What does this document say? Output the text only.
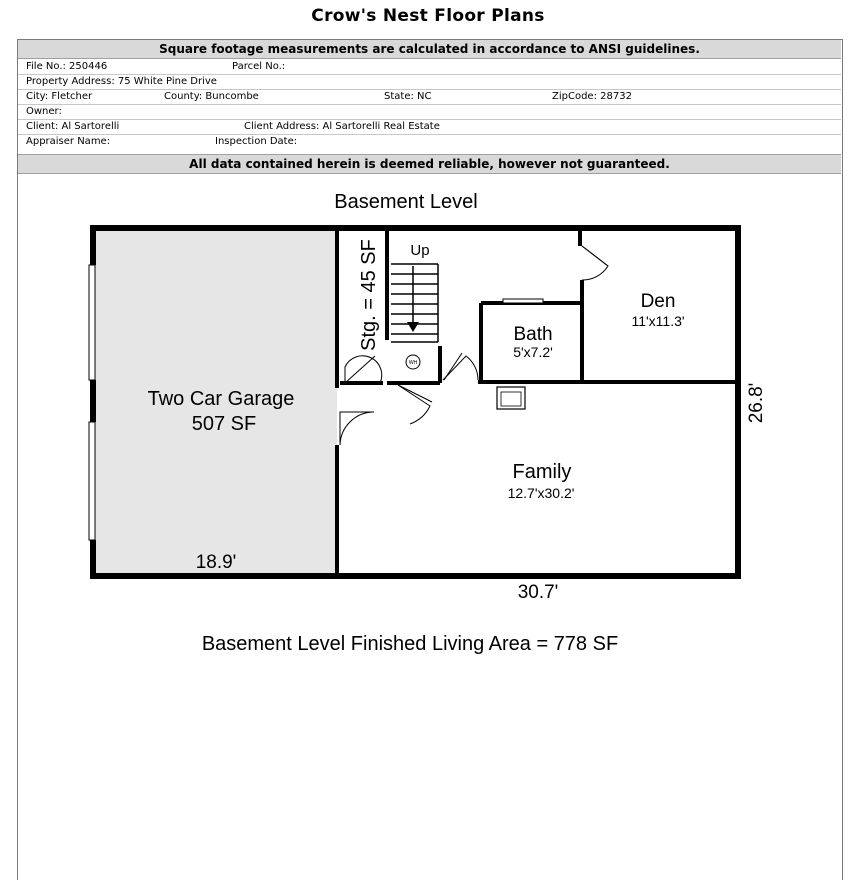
Crow's Nest Floor Plans
Square footage measurements are calculated in accordance to ANSI guidelines.
File No.: 250446	Parcel No.:
Property Address: 75 White Pine Drive
City: Fletcher	County: Buncombe	State: NC	ZipCode: 28732
Owner:
Client: Al Sartorelli	Client Address: Al Sartorelli Real Estate
Appraiser Name:	Inspection Date:
All data contained herein is deemed reliable, however not guaranteed.
Basement Level
Up
WH
Two Car Garage
507 SF
18.9'
Stg. = 45 SF	Bath
5'x7.2'
Den
11'x11.3'
Family
12.7'x30.2'
30.7'
26.8'
Basement Level Finished Living Area = 778 SF
